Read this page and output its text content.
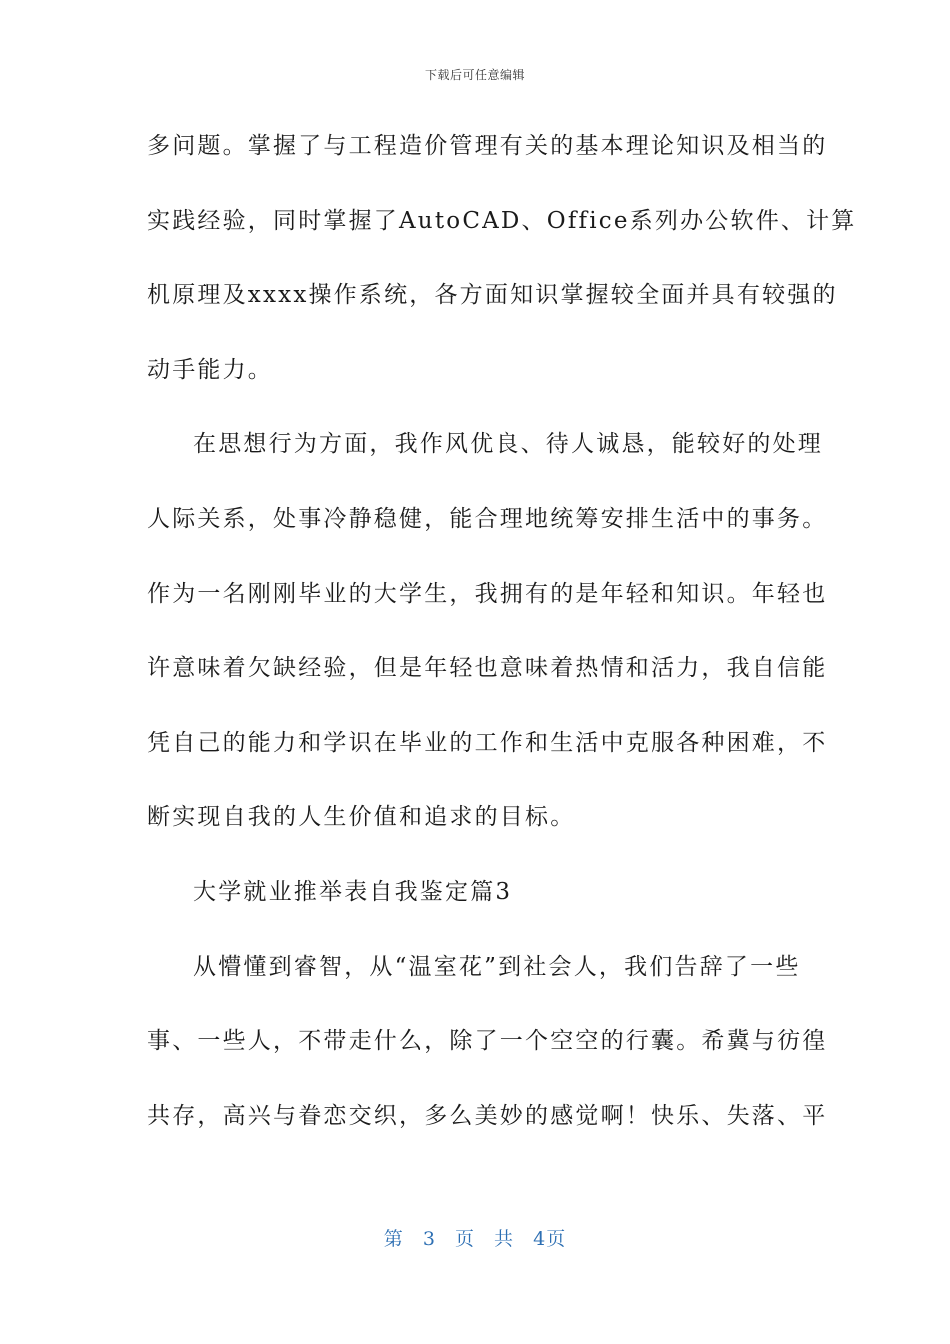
下载后可任意编辑
多问题。掌握了与工程造价管理有关的基本理论知识及相当的
实践经验，同时掌握了AutoCAD、Office系列办公软件、计算
机原理及xxxx操作系统，各方面知识掌握较全面并具有较强的
动手能力。
在思想行为方面，我作风优良、待人诚恳，能较好的处理
人际关系，处事冷静稳健，能合理地统筹安排生活中的事务。
作为一名刚刚毕业的大学生，我拥有的是年轻和知识。年轻也
许意味着欠缺经验，但是年轻也意味着热情和活力，我自信能
凭自己的能力和学识在毕业的工作和生活中克服各种困难，不
断实现自我的人生价值和追求的目标。
大学就业推举表自我鉴定篇3
从懵懂到睿智，从“温室花”到社会人，我们告辞了一些
事、一些人，不带走什么，除了一个空空的行囊。希冀与彷徨
共存，高兴与眷恋交织，多么美妙的感觉啊！快乐、失落、平
第 3 页 共 4页
